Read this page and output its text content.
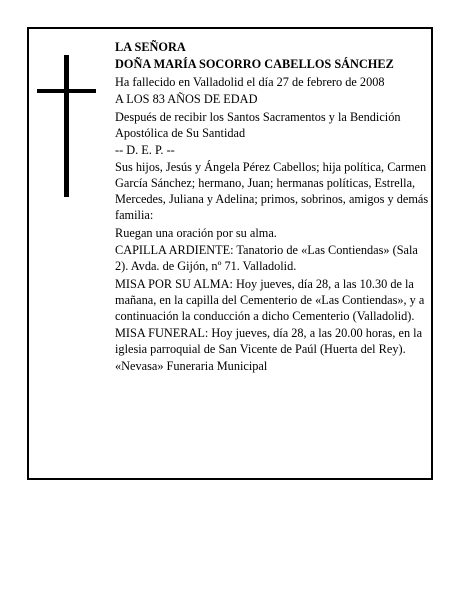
LA SEÑORA

DOÑA MARÍA SOCORRO CABELLOS SÁNCHEZ

Ha fallecido en Valladolid el día 27 de febrero de 2008

A LOS 83 AÑOS DE EDAD

Después de recibir los Santos Sacramentos y la Bendición Apostólica de Su Santidad

-- D. E. P. --

Sus hijos, Jesús y Ángela Pérez Cabellos; hija política, Carmen García Sánchez; hermano, Juan; hermanas políticas, Estrella, Mercedes, Juliana y Adelina; primos, sobrinos, amigos y demás familia:

Ruegan una oración por su alma.

CAPILLA ARDIENTE: Tanatorio de «Las Contiendas» (Sala 2). Avda. de Gijón, nº 71. Valladolid.

MISA POR SU ALMA: Hoy jueves, día 28, a las 10.30 de la mañana, en la capilla del Cementerio de «Las Contiendas», y a continuación la conducción a dicho Cementerio (Valladolid).

MISA FUNERAL: Hoy jueves, día 28, a las 20.00 horas, en la iglesia parroquial de San Vicente de Paúl (Huerta del Rey).

«Nevasa» Funeraria Municipal
